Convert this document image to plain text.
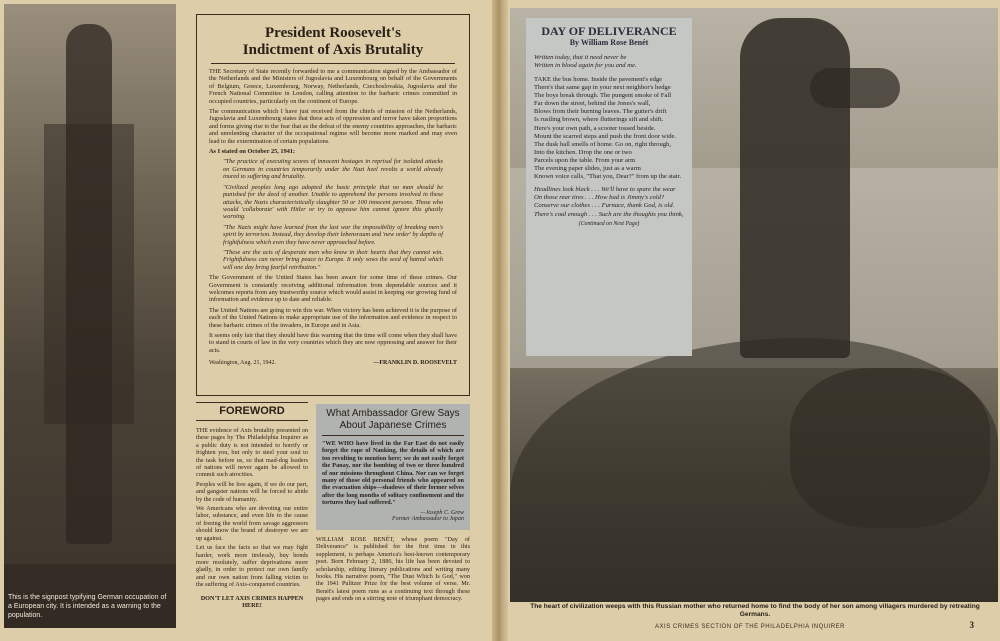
This is the signpost typifying German occupation of a European city. It is intended as a warning to the population.
President Roosevelt's
Indictment of Axis Brutality

THE Secretary of State recently forwarded to me a communication signed by the Ambassador of the Netherlands and the Ministers of Jugoslavia and Luxembourg on behalf of the Governments of Belgium, Greece, Luxembourg, Norway, Netherlands, Czechoslovakia, Jugoslavia and the French National Committee in London, calling attention to the barbaric crimes committed in occupied countries, particularly on the continent of Europe.

The communication which I have just received from the chiefs of mission of the Netherlands, Jugoslavia and Luxembourg states that these acts of oppression and terror have taken proportions and forms giving rise to the fear that as the defeat of the enemy countries approaches, the barbaric and unrelenting character of the occupational regime will become more marked and may even lead to the extermination of certain populations.

As I stated on October 25, 1941:

"The practice of executing scores of innocent hostages in reprisal for isolated attacks on Germans in countries temporarily under the Nazi heel revolts a world already inured to suffering and brutality.

"Civilized peoples long ago adopted the basic principle that no man should be punished for the deed of another. Unable to apprehend the persons involved in these attacks, the Nazis characteristically slaughter 50 or 100 innocent persons. Those who would 'collaborate' with Hitler or try to appease him cannot ignore this ghastly warning.

"The Nazis might have learned from the last war the impossibility of breaking men's spirit by terrorism. Instead, they develop their lebensraum and 'new order' by depths of frightfulness which even they have never approached before.

"These are the acts of desperate men who know in their hearts that they cannot win. Frightfulness can never bring peace to Europe. It only sows the seed of hatred which will one day bring fearful retribution."

The Government of the United States has been aware for some time of these crimes. Our Government is constantly receiving additional information from dependable sources and it welcomes reports from any trustworthy source which would assist in keeping our growing fund of information and evidence up to date and reliable.

The United Nations are going to win this war. When victory has been achieved it is the purpose of each of the United Nations to make appropriate use of the information and evidence in respect to these barbaric crimes of the invaders, in Europe and in Asia.

It seems only fair that they should have this warning that the time will come when they shall have to stand in courts of law in the very countries which they are now oppressing and answer for their acts.

Washington, Aug. 21, 1942.	—FRANKLIN D. ROOSEVELT
FOREWORD

THE evidence of Axis brutality presented on these pages by The Philadelphia Inquirer as a public duty is not intended to horrify or frighten you, but only to steel your soul to the task before us, so that mad-dog leaders of nations will never again be allowed to commit such atrocities.

Peoples will be free again, if we do our part, and gangster nations will be forced to abide by the code of humanity.

We Americans who are devoting our entire labor, substance, and even life to the cause of freeing the world from savage aggressors should know the brand of destroyer we are up against.

Let us face the facts so that we may fight harder, work more tirelessly, buy bonds more resolutely, suffer deprivations more gladly, in order to protect our own family and our own nation from falling victim to the suffering of Axis-conquered countries.

DON'T LET AXIS CRIMES HAPPEN HERE!

What Ambassador Grew Says About Japanese Crimes

"WE WHO have lived in the Far East do not easily forget the rape of Nanking, the details of which are too revolting to mention here; we do not easily forget the Panay, nor the bombing of two or three hundred of our missions throughout China. Nor can we forget many of those old personal friends who appeared on the evacuation ships—shadows of their former selves after the long months of solitary confinement and the tortures they had suffered."

—Joseph C. Grew
Former Ambassador to Japan
WILLIAM ROSE BENÉT, whose poem "Day of Deliverance" is published for the first time in this supplement, is perhaps America's best-known contemporary poet. Born February 2, 1886, his life has been devoted to scholarship, editing literary publications and writing many books. His narrative poem, "The Dust Which Is God," won the 1941 Pulitzer Prize for the best volume of verse. Mr. Benét's latest poem runs as a continuing text through these pages and ends on a stirring note of triumphant democracy.
DAY OF DELIVERANCE
By William Rose Benét
Written today, that it need never be
Written in blood again for you and me.
TAKE the bus home. Inside the pavement's edge
There's that same gap in your next neighbor's hedge
The boys break through. The pungent smoke of Fall
Far down the street, behind the Jones's wall,
Blows from their burning leaves. The gutter's drift
Is rustling brown, where flutterings sift and shift.
Here's your own path, a scooter tossed beside.
Mount the scarred steps and push the front door wide.
The dusk hall smells of home. Go on, right through,
Into the kitchen. Drop the one or two
Parcels upon the table. From your arm
The evening paper slides, just as a warm
Known voice calls, "That you, Dear?" from up the stair.
Headlines look black . . . We'll have to spare the wear
On those rear tires . . . How bad is Jimmy's cold?
Conserve our clothes . . . Furnace, thank God, is old.
There's coal enough . . . Such are the thoughts you think,
(Continued on Next Page)
The heart of civilization weeps with this Russian mother who returned home to find the body of her son among villagers murdered by retreating Germans.
AXIS CRIMES SECTION OF THE PHILADELPHIA INQUIRER	3
